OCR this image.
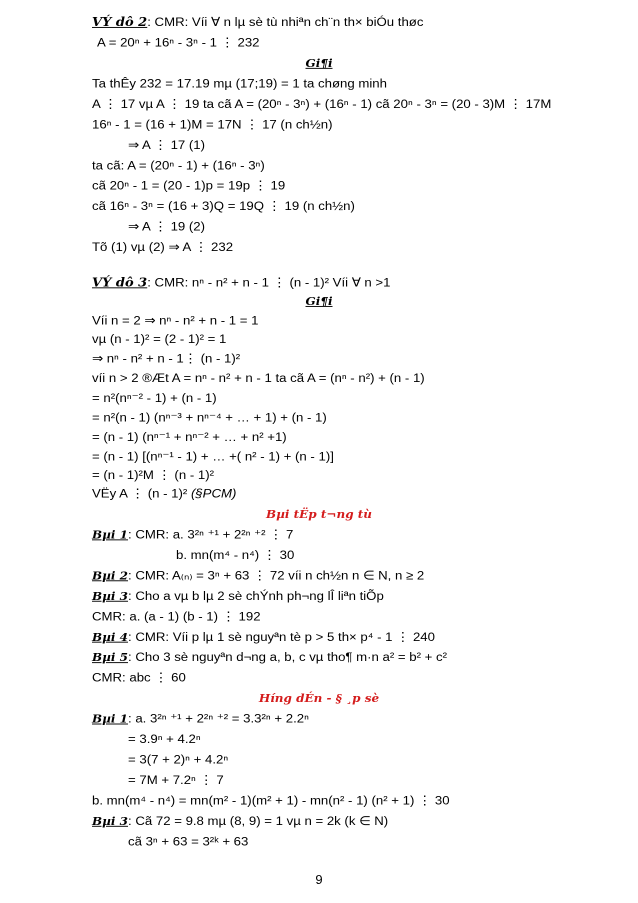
VÝ dô 2: CMR: Víi ∀ n lµ sè tù nhiªn ch¨n th× biÓu thøc
A = 20ⁿ + 16ⁿ - 3ⁿ - 1 ⋮ 232
Gi¶i
Ta thÊy 232 = 17.19 mµ (17;19) = 1 ta chøng minh
A ⋮ 17 vµ A ⋮ 19 ta cã A = (20ⁿ - 3ⁿ) + (16ⁿ - 1) cã 20ⁿ - 3ⁿ = (20 - 3)M ⋮ 17M
16ⁿ - 1 = (16 + 1)M = 17N ⋮ 17 (n ch½n)
⇒ A ⋮ 17 (1)
ta cã: A = (20ⁿ - 1) + (16ⁿ - 3ⁿ)
cã 20ⁿ - 1 = (20 - 1)p = 19p ⋮ 19
cã 16ⁿ - 3ⁿ = (16 + 3)Q = 19Q ⋮ 19 (n ch½n)
⇒ A ⋮ 19 (2)
Tõ (1) vµ (2) ⇒ A ⋮ 232
VÝ dô 3: CMR: nⁿ - n² + n - 1 ⋮ (n - 1)² Víi ∀ n >1
Gi¶i
Víi n = 2 ⇒ nⁿ - n² + n - 1 = 1
vµ (n - 1)² = (2 - 1)² = 1
⇒ nⁿ - n² + n - 1⋮ (n - 1)²
víi n > 2 ®Æt A = nⁿ - n² + n - 1 ta cã A = (nⁿ - n²) + (n - 1)
= n²(nⁿ⁻² - 1) + (n - 1)
= n²(n - 1) (nⁿ⁻³ + nⁿ⁻⁴ + … + 1) + (n - 1)
= (n - 1) (nⁿ⁻¹ + nⁿ⁻² + … + n² +1)
= (n - 1) [(nⁿ⁻¹ - 1) + … +( n² - 1) + (n - 1)]
= (n - 1)²M ⋮ (n - 1)²
VËy A ⋮ (n - 1)² (§PCM)
Bµi tËp t¬ng tù
Bµi 1: CMR: a. 3²ⁿ ⁺¹ + 2²ⁿ ⁺² ⋮ 7
b. mn(m⁴ - n⁴) ⋮ 30
Bµi 2: CMR: A₍ₙ₎ = 3ⁿ + 63 ⋮ 72 víi n ch½n n ∈ N, n ≥ 2
Bµi 3: Cho a vµ b lµ 2 sè chÝnh ph¬ng lÎ liªn tiÕp
CMR: a. (a - 1) (b - 1) ⋮ 192
Bµi 4: CMR: Víi p lµ 1 sè nguyªn tè p > 5 th× p⁴ - 1 ⋮ 240
Bµi 5: Cho 3 sè nguyªn d¬ng a, b, c vµ tho¶ m·n a² = b² + c²
CMR: abc ⋮ 60
Híng dÉn - § ¸p sè
Bµi 1: a. 3²ⁿ ⁺¹ + 2²ⁿ ⁺² = 3.3²ⁿ + 2.2ⁿ
= 3.9ⁿ + 4.2ⁿ
= 3(7 + 2)ⁿ + 4.2ⁿ
= 7M + 7.2ⁿ ⋮ 7
b. mn(m⁴ - n⁴) = mn(m² - 1)(m² + 1) - mn(n² - 1) (n² + 1) ⋮ 30
Bµi 3: Cã 72 = 9.8 mµ (8, 9) = 1 vµ n = 2k (k ∈ N)
cã 3ⁿ + 63 = 3²ᵏ + 63
9
